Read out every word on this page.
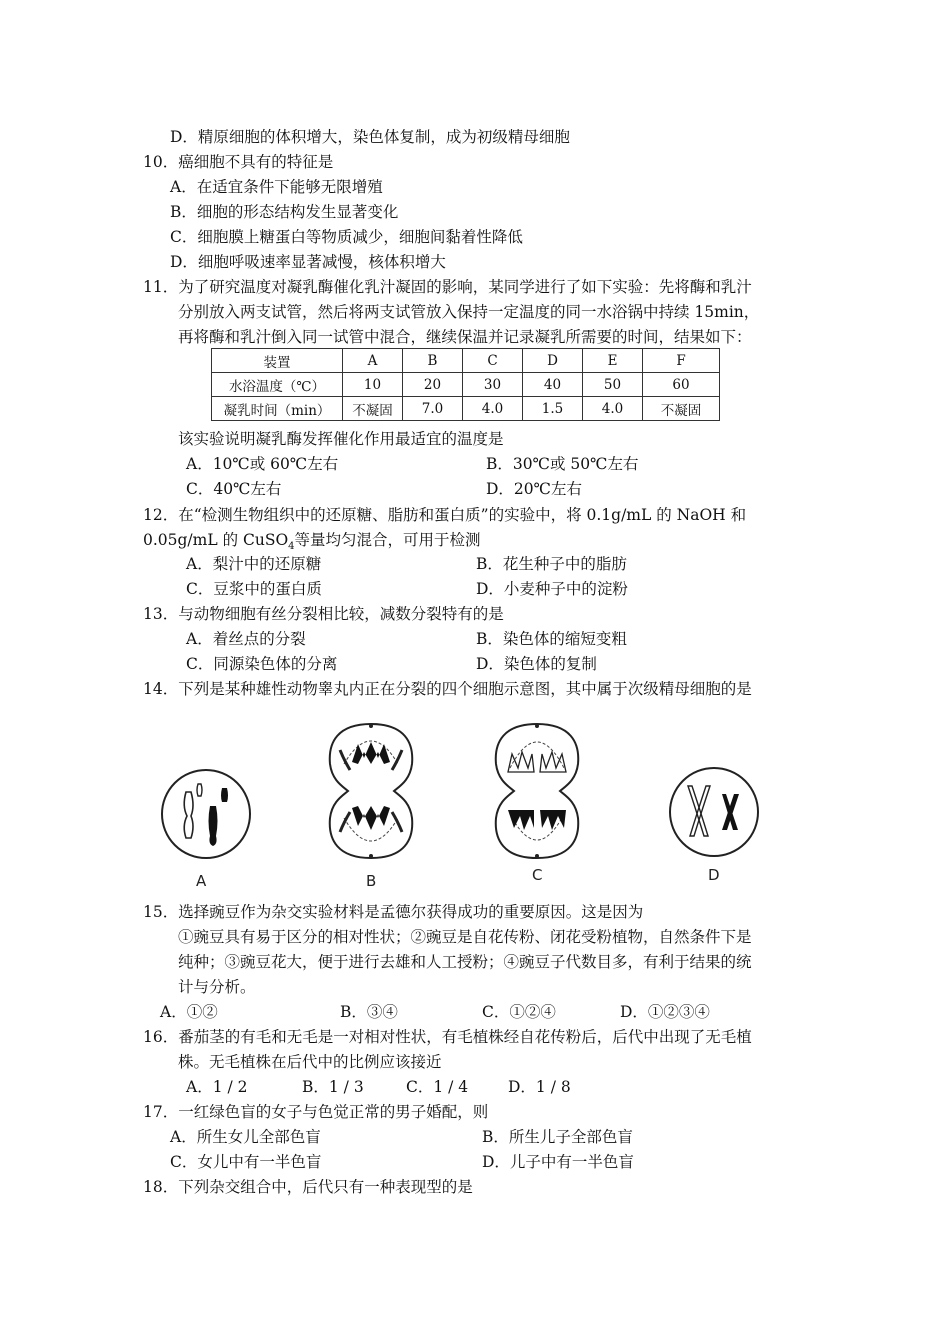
D．精原细胞的体积增大，染色体复制，成为初级精母细胞
10．癌细胞不具有的特征是
A．在适宜条件下能够无限增殖
B．细胞的形态结构发生显著变化
C．细胞膜上糖蛋白等物质减少，细胞间黏着性降低
D．细胞呼吸速率显著减慢，核体积增大
11．为了研究温度对凝乳酶催化乳汁凝固的影响，某同学进行了如下实验：先将酶和乳汁
分别放入两支试管，然后将两支试管放入保持一定温度的同一水浴锅中持续 15min，
再将酶和乳汁倒入同一试管中混合，继续保温并记录凝乳所需要的时间，结果如下：
装置	A	B	C	D	E	F
水浴温度（℃）	10	20	30	40	50	60
凝乳时间（min）	不凝固	7.0	4.0	1.5	4.0	不凝固
该实验说明凝乳酶发挥催化作用最适宜的温度是
A．10℃或 60℃左右	B．30℃或 50℃左右
C．40℃左右	D．20℃左右
12．在“检测生物组织中的还原糖、脂肪和蛋白质”的实验中，将 0.1g/mL 的 NaOH 和
0.05g/mL 的 CuSO$_4$等量均匀混合，可用于检测
A．梨汁中的还原糖	B．花生种子中的脂肪
C．豆浆中的蛋白质	D．小麦种子中的淀粉
13．与动物细胞有丝分裂相比较，减数分裂特有的是
A．着丝点的分裂	B．染色体的缩短变粗
C．同源染色体的分离	D．染色体的复制
14．下列是某种雄性动物睾丸内正在分裂的四个细胞示意图，其中属于次级精母细胞的是
A	B	C	D
15．选择豌豆作为杂交实验材料是孟德尔获得成功的重要原因。这是因为
①豌豆具有易于区分的相对性状；②豌豆是自花传粉、闭花受粉植物，自然条件下是
纯种；③豌豆花大，便于进行去雄和人工授粉；④豌豆子代数目多，有利于结果的统
计与分析。
A．①②	B．③④	C．①②④	D．①②③④
16．番茄茎的有毛和无毛是一对相对性状，有毛植株经自花传粉后，后代中出现了无毛植
株。无毛植株在后代中的比例应该接近
A．1 / 2	B．1 / 3	C．1 / 4	D．1 / 8
17．一红绿色盲的女子与色觉正常的男子婚配，则
A．所生女儿全部色盲	B．所生儿子全部色盲
C．女儿中有一半色盲	D．儿子中有一半色盲
18．下列杂交组合中，后代只有一种表现型的是
